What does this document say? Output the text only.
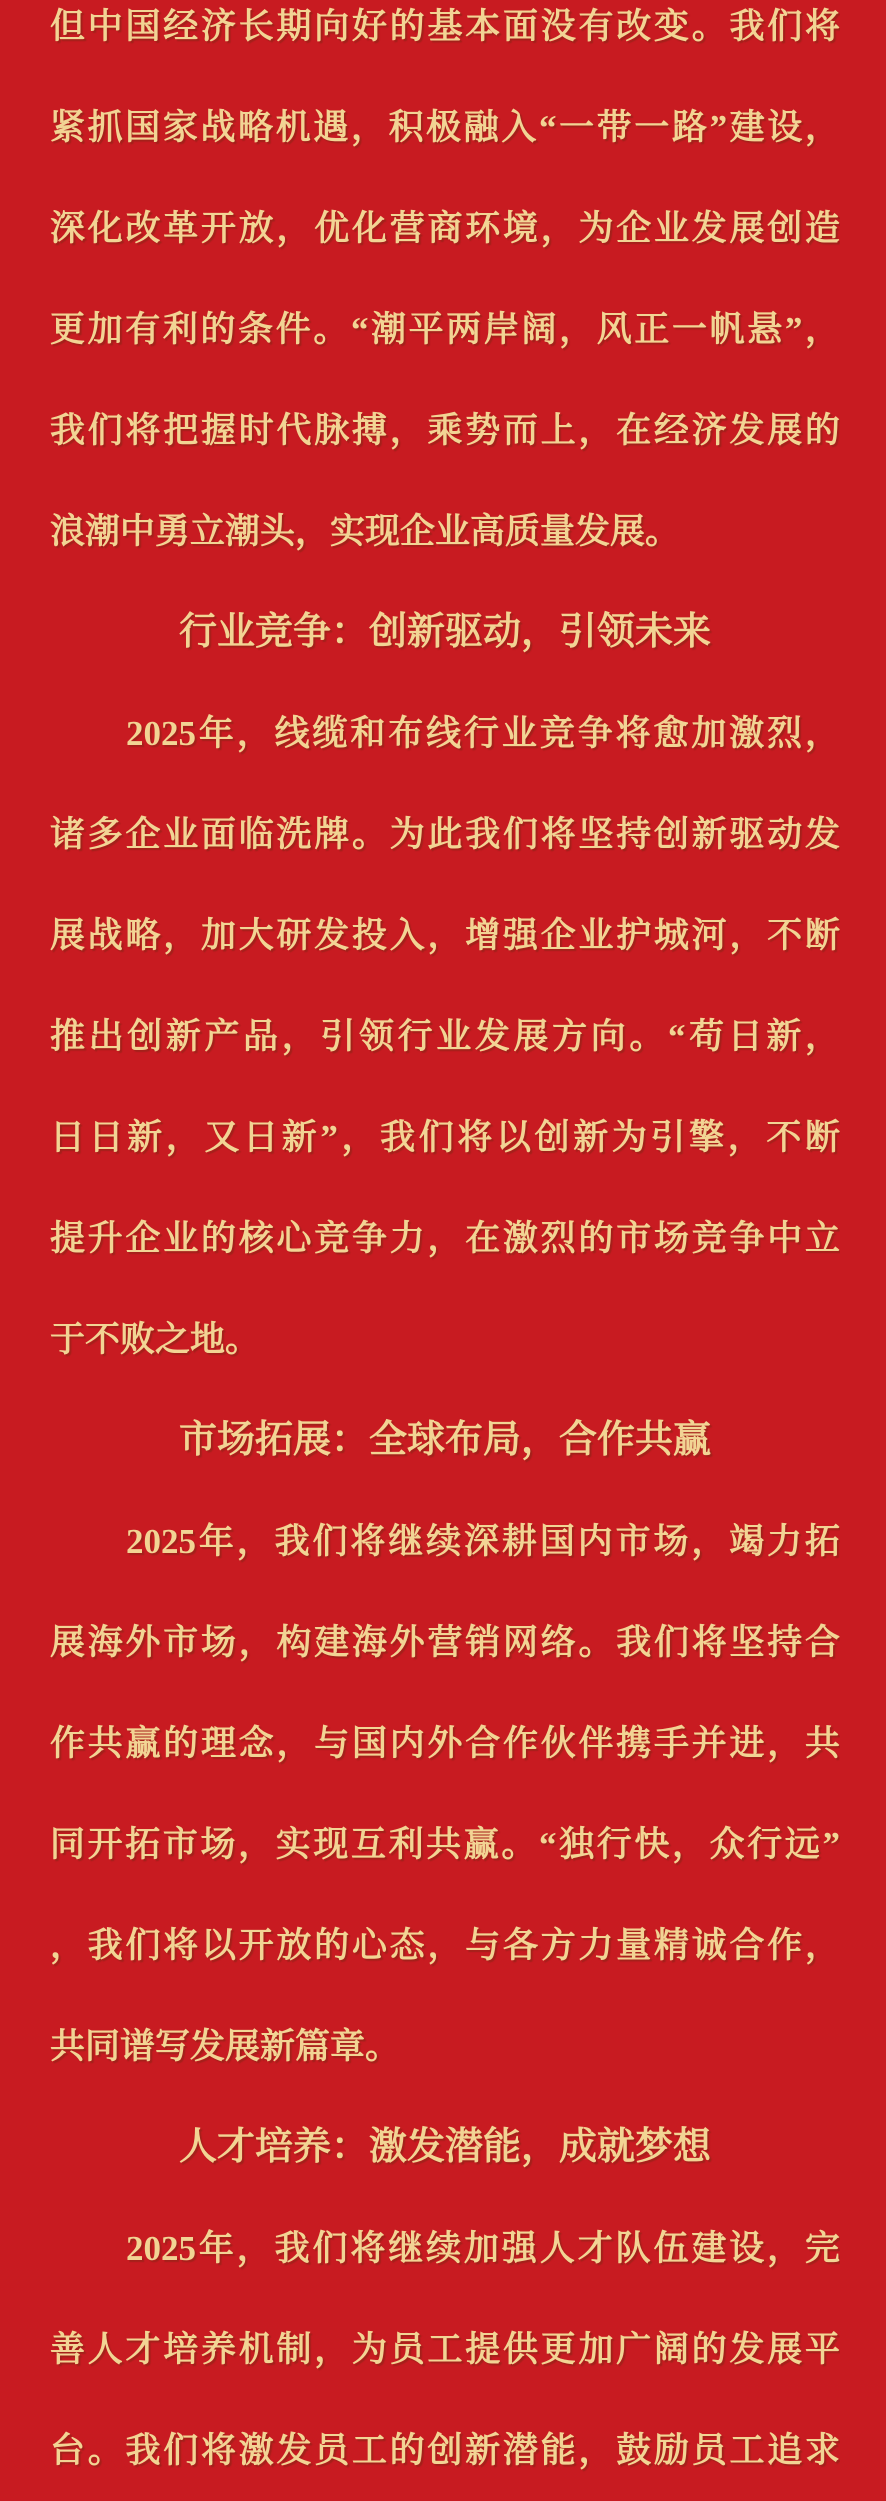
但中国经济长期向好的基本面没有改变。我们将
紧抓国家战略机遇，积极融入“一带一路”建设，
深化改革开放，优化营商环境，为企业发展创造
更加有利的条件。“潮平两岸阔，风正一帆悬”，
我们将把握时代脉搏，乘势而上，在经济发展的
浪潮中勇立潮头，实现企业高质量发展。
行业竞争：创新驱动，引领未来
2025年，线缆和布线行业竞争将愈加激烈，
诸多企业面临洗牌。为此我们将坚持创新驱动发
展战略，加大研发投入，增强企业护城河，不断
推出创新产品，引领行业发展方向。“苟日新，
日日新，又日新”，我们将以创新为引擎，不断
提升企业的核心竞争力，在激烈的市场竞争中立
于不败之地。
市场拓展：全球布局，合作共赢
2025年，我们将继续深耕国内市场，竭力拓
展海外市场，构建海外营销网络。我们将坚持合
作共赢的理念，与国内外合作伙伴携手并进，共
同开拓市场，实现互利共赢。“独行快，众行远”
，我们将以开放的心态，与各方力量精诚合作，
共同谱写发展新篇章。
人才培养：激发潜能，成就梦想
2025年，我们将继续加强人才队伍建设，完
善人才培养机制，为员工提供更加广阔的发展平
台。我们将激发员工的创新潜能，鼓励员工追求
